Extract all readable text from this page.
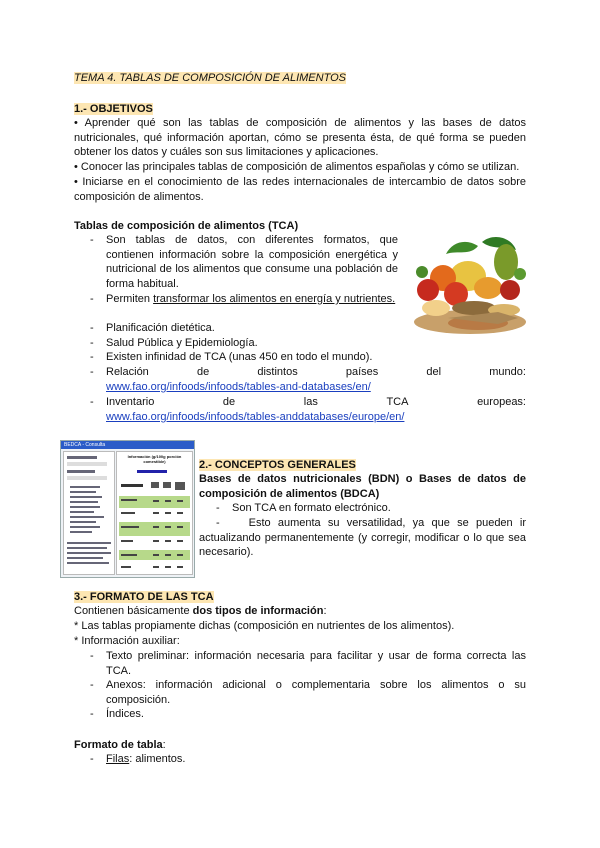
TEMA 4. TABLAS DE COMPOSICIÓN DE ALIMENTOS
1.- OBJETIVOS
• Aprender qué son las tablas de composición de alimentos y las bases de datos nutricionales, qué información aportan, cómo se presenta ésta, de qué forma se pueden obtener los datos y cuáles son sus limitaciones y aplicaciones.
• Conocer las principales tablas de composición de alimentos españolas y cómo se utilizan.
• Iniciarse en el conocimiento de las redes internacionales de intercambio de datos sobre composición de alimentos.
Tablas de composición de alimentos (TCA)
- Son tablas de datos, con diferentes formatos, que contienen información sobre la composición energética y nutricional de los alimentos que consume una población de forma habitual.
- Permiten transformar los alimentos en energía y nutrientes.
- Planificación dietética.
- Salud Pública y Epidemiología.
- Existen infinidad de TCA (unas 450 en todo el mundo).
- Relación	de	distintos	países	del	mundo:
www.fao.org/infoods/infoods/tables-and-databases/en/
- Inventario	de	las	TCA	europeas:
www.fao.org/infoods/infoods/tables-anddatabases/europe/en/
BEDCA - Consulta
Información (g/100g porción comestible)	2.- CONCEPTOS GENERALES
Bases de datos nutricionales (BDN) o Bases de datos de composición de alimentos (BDCA)
- Son TCA en formato electrónico.
-    Esto aumenta su versatilidad, ya que se pueden ir actualizando permanentemente (y corregir, modificar o lo que sea necesario).
3.- FORMATO DE LAS TCA
Contienen básicamente dos tipos de información:
* Las tablas propiamente dichas (composición en nutrientes de los alimentos).
* Información auxiliar:
- Texto preliminar: información necesaria para facilitar y usar de forma correcta las TCA.
- Anexos: información adicional o complementaria sobre los alimentos o su composición.
- Índices.
Formato de tabla:
- Filas: alimentos.
